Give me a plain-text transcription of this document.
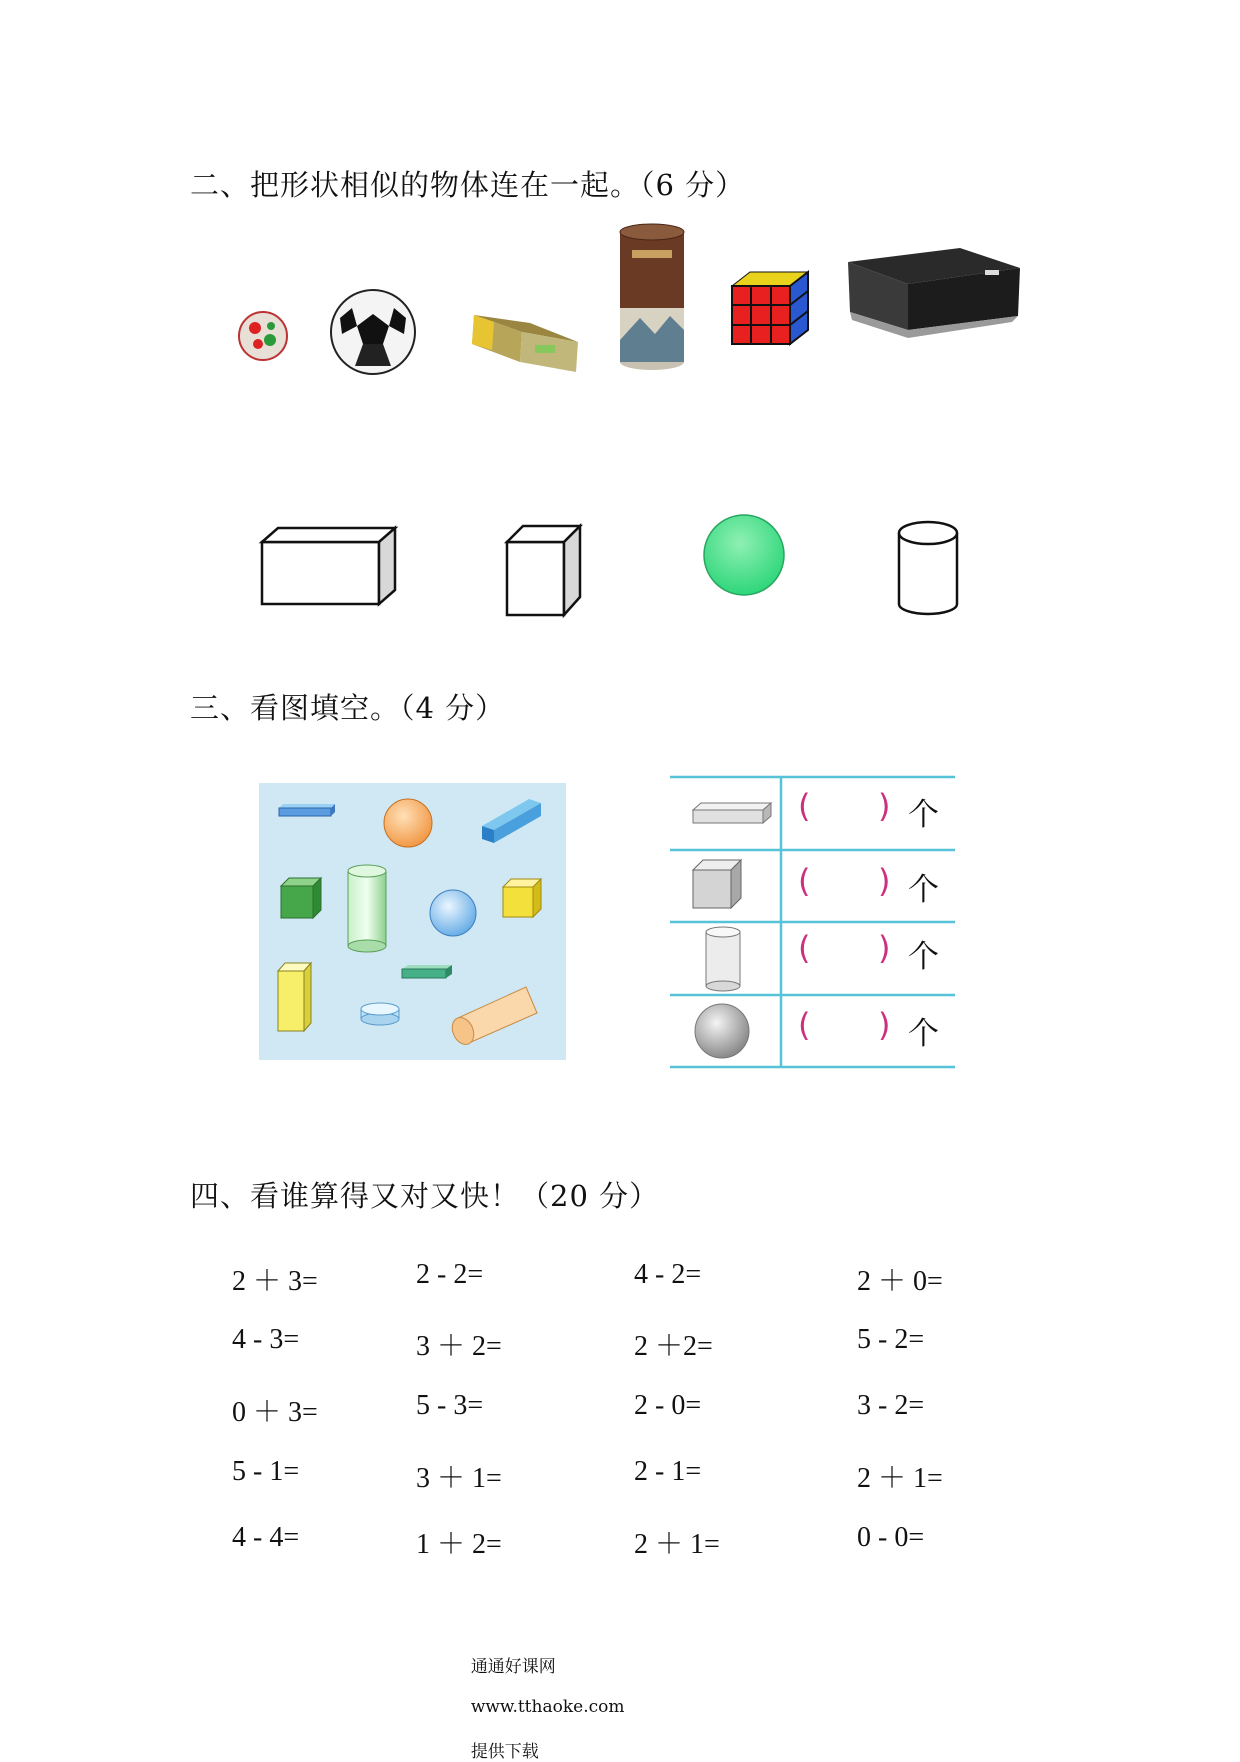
二、把形状相似的物体连在一起。（6 分）
三、看图填空。（4 分）
( ) 个
( ) 个
( ) 个
( ) 个
四、看谁算得又对又快！（20 分）
2 ＋ 3=	2 - 2=	4 - 2=	2 ＋ 0=
4 - 3=	3 ＋ 2=	2 ＋2=	5 - 2=
0 ＋ 3=	5 - 3=	2 - 0=	3 - 2=
5 - 1=	3 ＋ 1=	2 - 1=	2 ＋ 1=
4 - 4=	1 ＋ 2=	2 ＋ 1=	0 - 0=

通通好课网

www.tthaoke.com

提供下载
